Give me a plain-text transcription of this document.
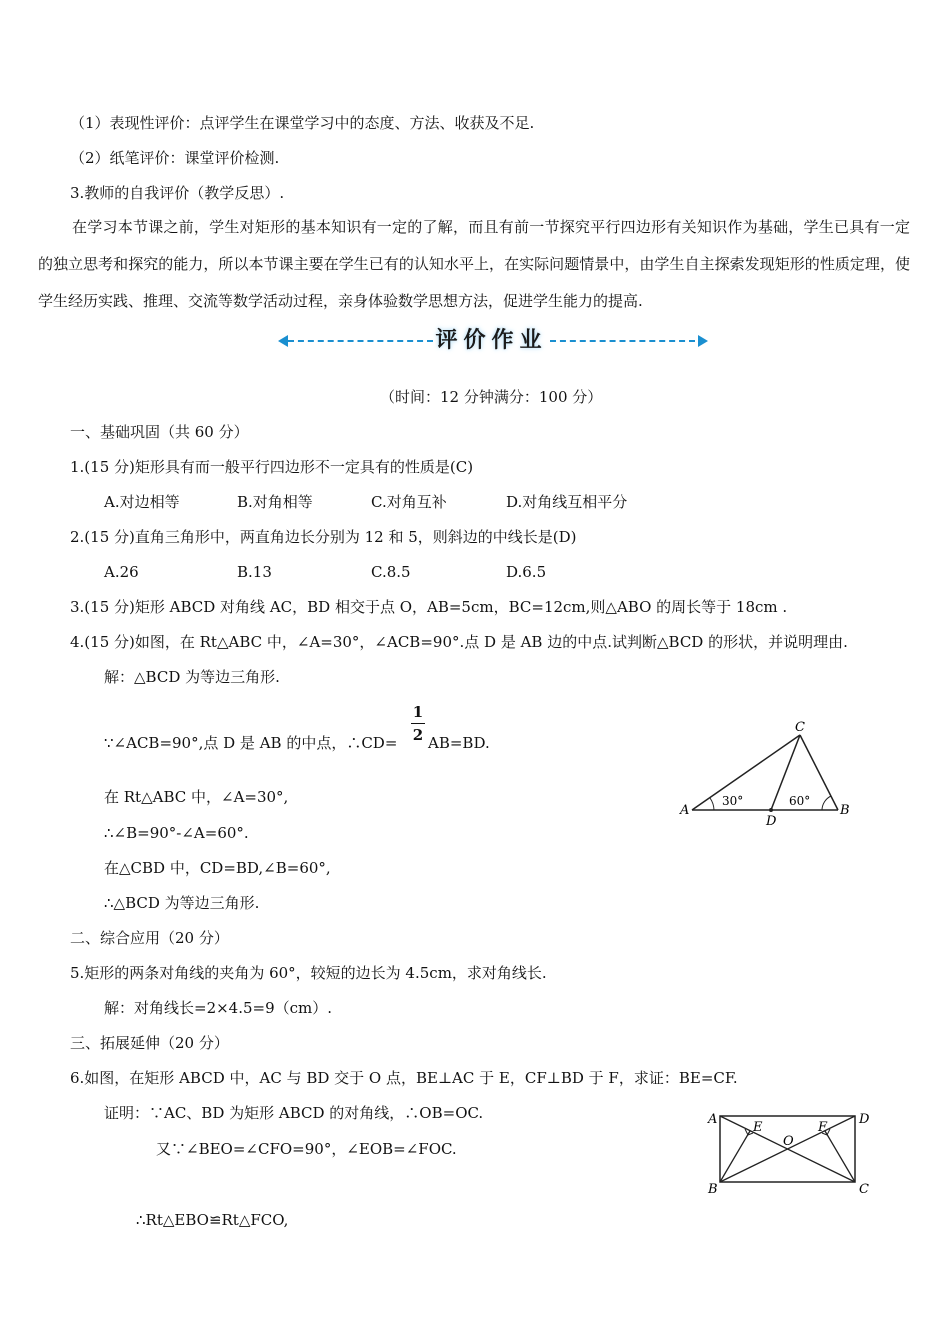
（1）表现性评价：点评学生在课堂学习中的态度、方法、收获及不足.
（2）纸笔评价：课堂评价检测.
3.教师的自我评价（教学反思）.
在学习本节课之前，学生对矩形的基本知识有一定的了解，而且有前一节探究平行四边形有关知识作为基础，学生已具有一定的独立思考和探究的能力，所以本节课主要在学生已有的认知水平上，在实际问题情景中，由学生自主探索发现矩形的性质定理，使学生经历实践、推理、交流等数学活动过程，亲身体验数学思想方法，促进学生能力的提高.
评价作业
（时间：12 分钟满分：100 分）
一、基础巩固（共 60 分）
1.(15 分)矩形具有而一般平行四边形不一定具有的性质是(C)
A.对边相等	B.对角相等	C.对角互补	D.对角线互相平分
2.(15 分)直角三角形中，两直角边长分别为 12 和 5，则斜边的中线长是(D)
A.26	B.13	C.8.5	D.6.5
3.(15 分)矩形 ABCD 对角线 AC，BD 相交于点 O，AB=5cm，BC=12cm,则△ABO 的周长等于 18cm .
4.(15 分)如图，在 Rt△ABC 中，∠A=30°，∠ACB=90°.点 D 是 AB 边的中点.试判断△BCD 的形状，并说明理由.
解：△BCD 为等边三角形.
∵∠ACB=90°,点 D 是 AB 的中点，∴CD=
1
2 AB=BD.
在 Rt△ABC 中，∠A=30°,
∴∠B=90°-∠A=60°.
在△CBD 中，CD=BD,∠B=60°,
∴△BCD 为等边三角形.
A	B
C
D
30°	60°
二、综合应用（20 分）
5.矩形的两条对角线的夹角为 60°，较短的边长为 4.5cm，求对角线长.
解：对角线长=2×4.5=9（cm）.
三、拓展延伸（20 分）
6.如图，在矩形 ABCD 中，AC 与 BD 交于 O 点，BE⊥AC 于 E，CF⊥BD 于 F，求证：BE=CF.
证明：∵AC、BD 为矩形 ABCD 的对角线，∴OB=OC.
又∵∠BEO=∠CFO=90°，∠EOB=∠FOC.
∴Rt△EBO≌Rt△FCO,
A	D
B	C
E	F
O
